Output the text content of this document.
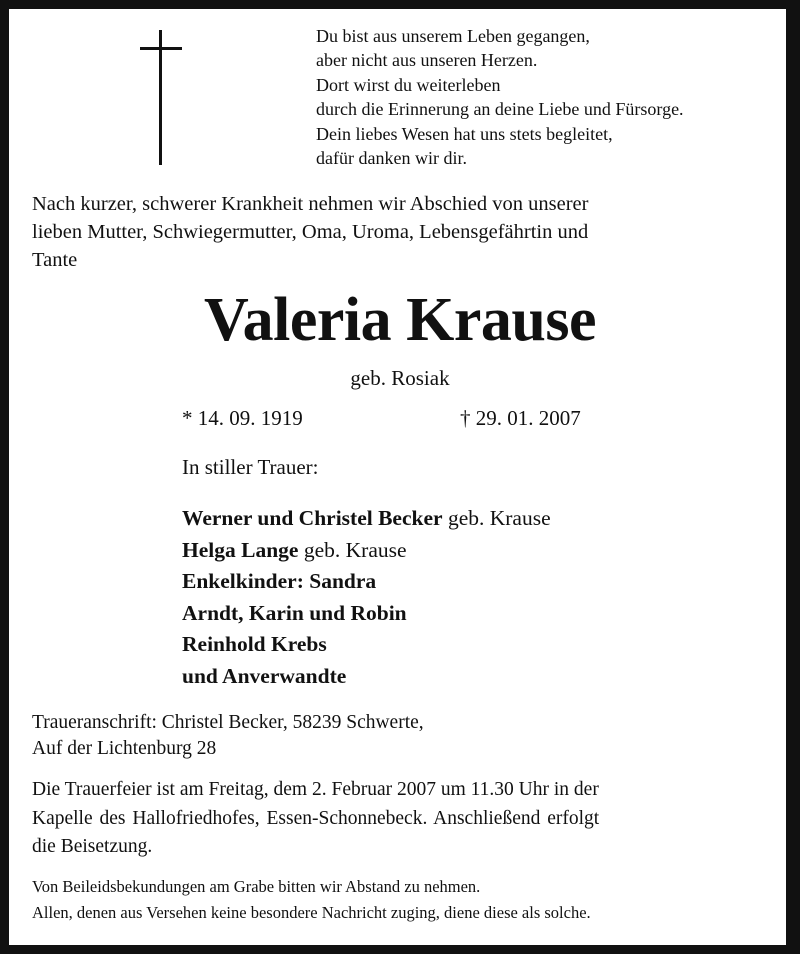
Du bist aus unserem Leben gegangen,
aber nicht aus unseren Herzen.
Dort wirst du weiterleben
durch die Erinnerung an deine Liebe und Fürsorge.
Dein liebes Wesen hat uns stets begleitet,
dafür danken wir dir.
Nach kurzer, schwerer Krankheit nehmen wir Abschied von unserer
lieben Mutter, Schwiegermutter, Oma, Uroma, Lebensgefährtin und
Tante
Valeria Krause
geb. Rosiak
* 14. 09. 1919	† 29. 01. 2007
In stiller Trauer:
Werner und Christel Becker geb. Krause
Helga Lange geb. Krause
Enkelkinder: Sandra
Arndt, Karin und Robin
Reinhold Krebs
und Anverwandte
Traueranschrift: Christel Becker, 58239 Schwerte,
Auf der Lichtenburg 28
Die Trauerfeier ist am Freitag, dem 2. Februar 2007 um 11.30 Uhr in der
Kapelle des Hallofriedhofes, Essen-Schonnebeck. Anschließend erfolgt
die Beisetzung.
Von Beileidsbekundungen am Grabe bitten wir Abstand zu nehmen.
Allen, denen aus Versehen keine besondere Nachricht zuging, diene diese als solche.
